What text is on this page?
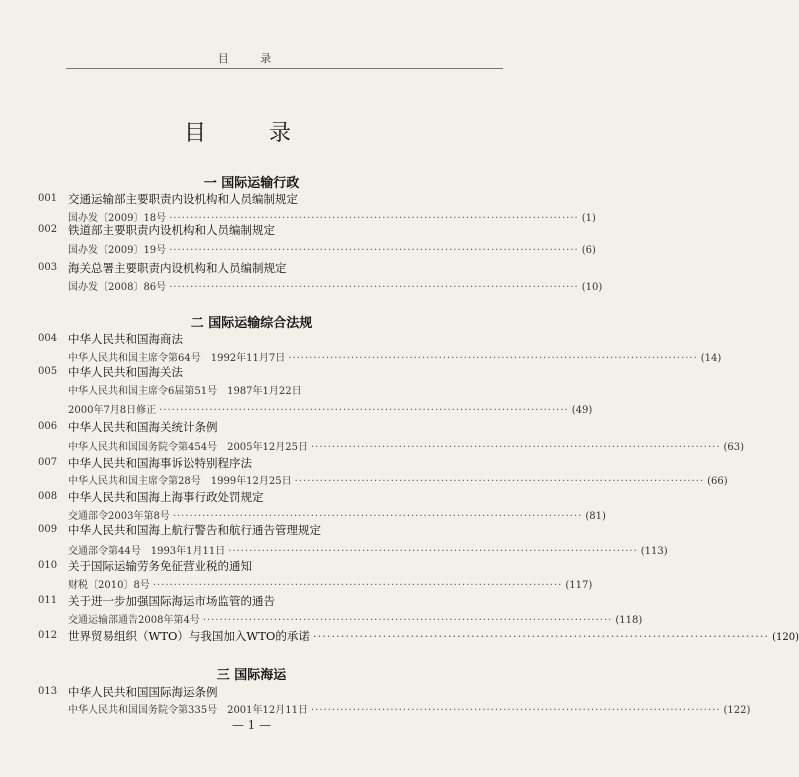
目 录
目 录
一 国际运输行政
001 交通运输部主要职责内设机构和人员编制规定
国办发〔2009〕18号 ·································································································· (1)
002 铁道部主要职责内设机构和人员编制规定
国办发〔2009〕19号 ·································································································· (6)
003 海关总署主要职责内设机构和人员编制规定
国办发〔2008〕86号 ·································································································· (10)
二 国际运输综合法规
004 中华人民共和国海商法
中华人民共和国主席令第64号　1992年11月7日 ·································································································· (14)
005 中华人民共和国海关法
中华人民共和国主席令6届第51号　1987年1月22日
2000年7月8日修正 ·································································································· (49)
006 中华人民共和国海关统计条例
中华人民共和国国务院令第454号　2005年12月25日 ·································································································· (63)
007 中华人民共和国海事诉讼特别程序法
中华人民共和国主席令第28号　1999年12月25日 ·································································································· (66)
008 中华人民共和国海上海事行政处罚规定
交通部令2003年第8号 ·································································································· (81)
009 中华人民共和国海上航行警告和航行通告管理规定
交通部令第44号　1993年1月11日 ·································································································· (113)
010 关于国际运输劳务免征营业税的通知
财税〔2010〕8号 ·································································································· (117)
011 关于进一步加强国际海运市场监管的通告
交通运输部通告2008年第4号 ·································································································· (118)
012 世界贸易组织（WTO）与我国加入WTO的承诺 ·································································································· (120)
三 国际海运
013 中华人民共和国国际海运条例
中华人民共和国国务院令第335号　2001年12月11日 ·································································································· (122)
— 1 —
